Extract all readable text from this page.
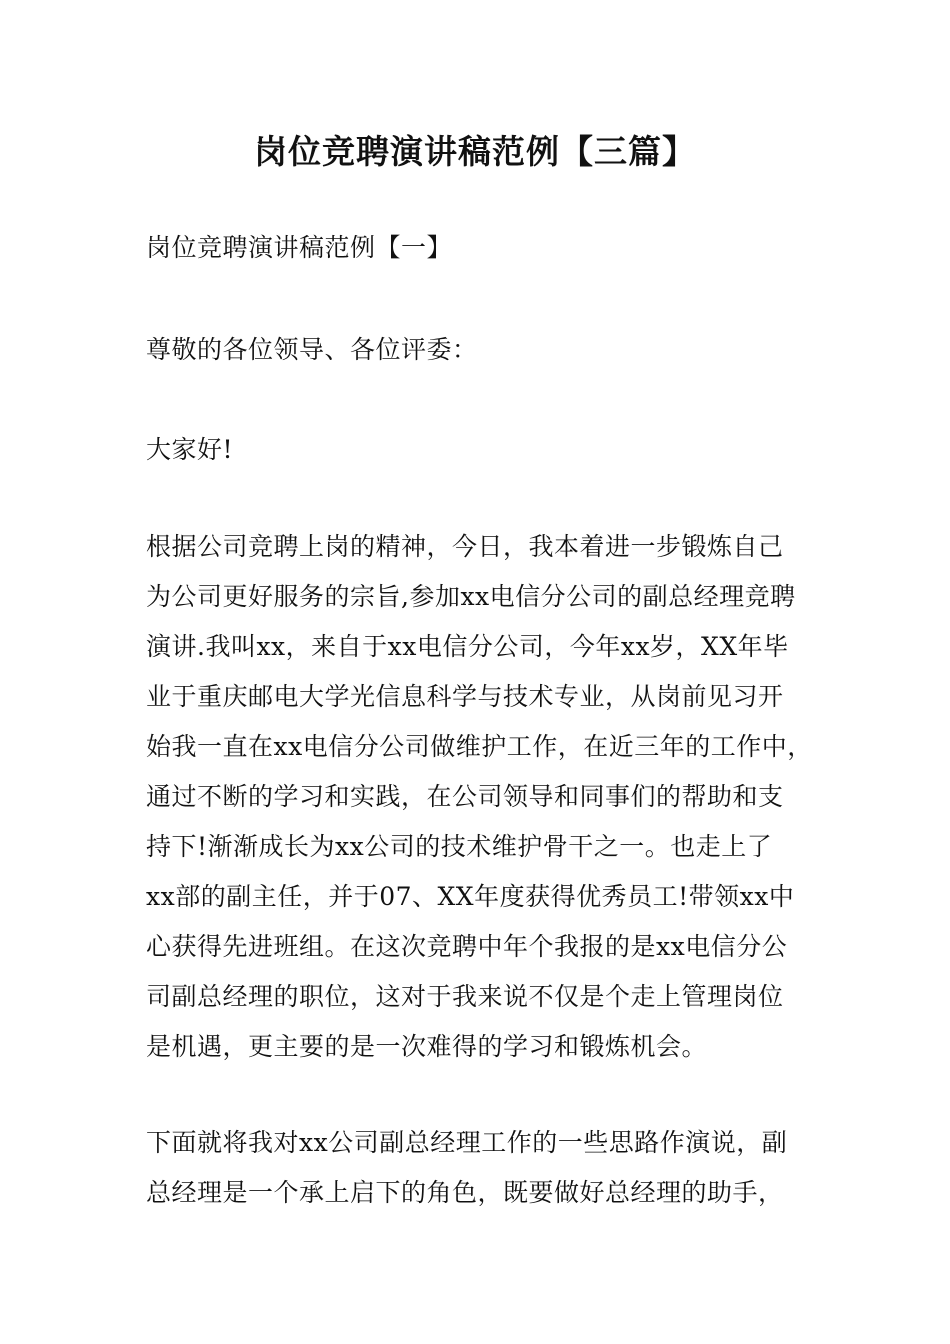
岗位竞聘演讲稿范例【三篇】
岗位竞聘演讲稿范例【一】
尊敬的各位领导、各位评委：
大家好!
根据公司竞聘上岗的精神，今日，我本着进一步锻炼自己
为公司更好服务的宗旨,参加xx电信分公司的副总经理竞聘
演讲.我叫xx，来自于xx电信分公司，今年xx岁，XX年毕
业于重庆邮电大学光信息科学与技术专业，从岗前见习开
始我一直在xx电信分公司做维护工作，在近三年的工作中，
通过不断的学习和实践，在公司领导和同事们的帮助和支
持下!渐渐成长为xx公司的技术维护骨干之一。也走上了
xx部的副主任，并于07、XX年度获得优秀员工!带领xx中
心获得先进班组。在这次竞聘中年个我报的是xx电信分公
司副总经理的职位，这对于我来说不仅是个走上管理岗位
是机遇，更主要的是一次难得的学习和锻炼机会。
下面就将我对xx公司副总经理工作的一些思路作演说，副
总经理是一个承上启下的角色，既要做好总经理的助手，
